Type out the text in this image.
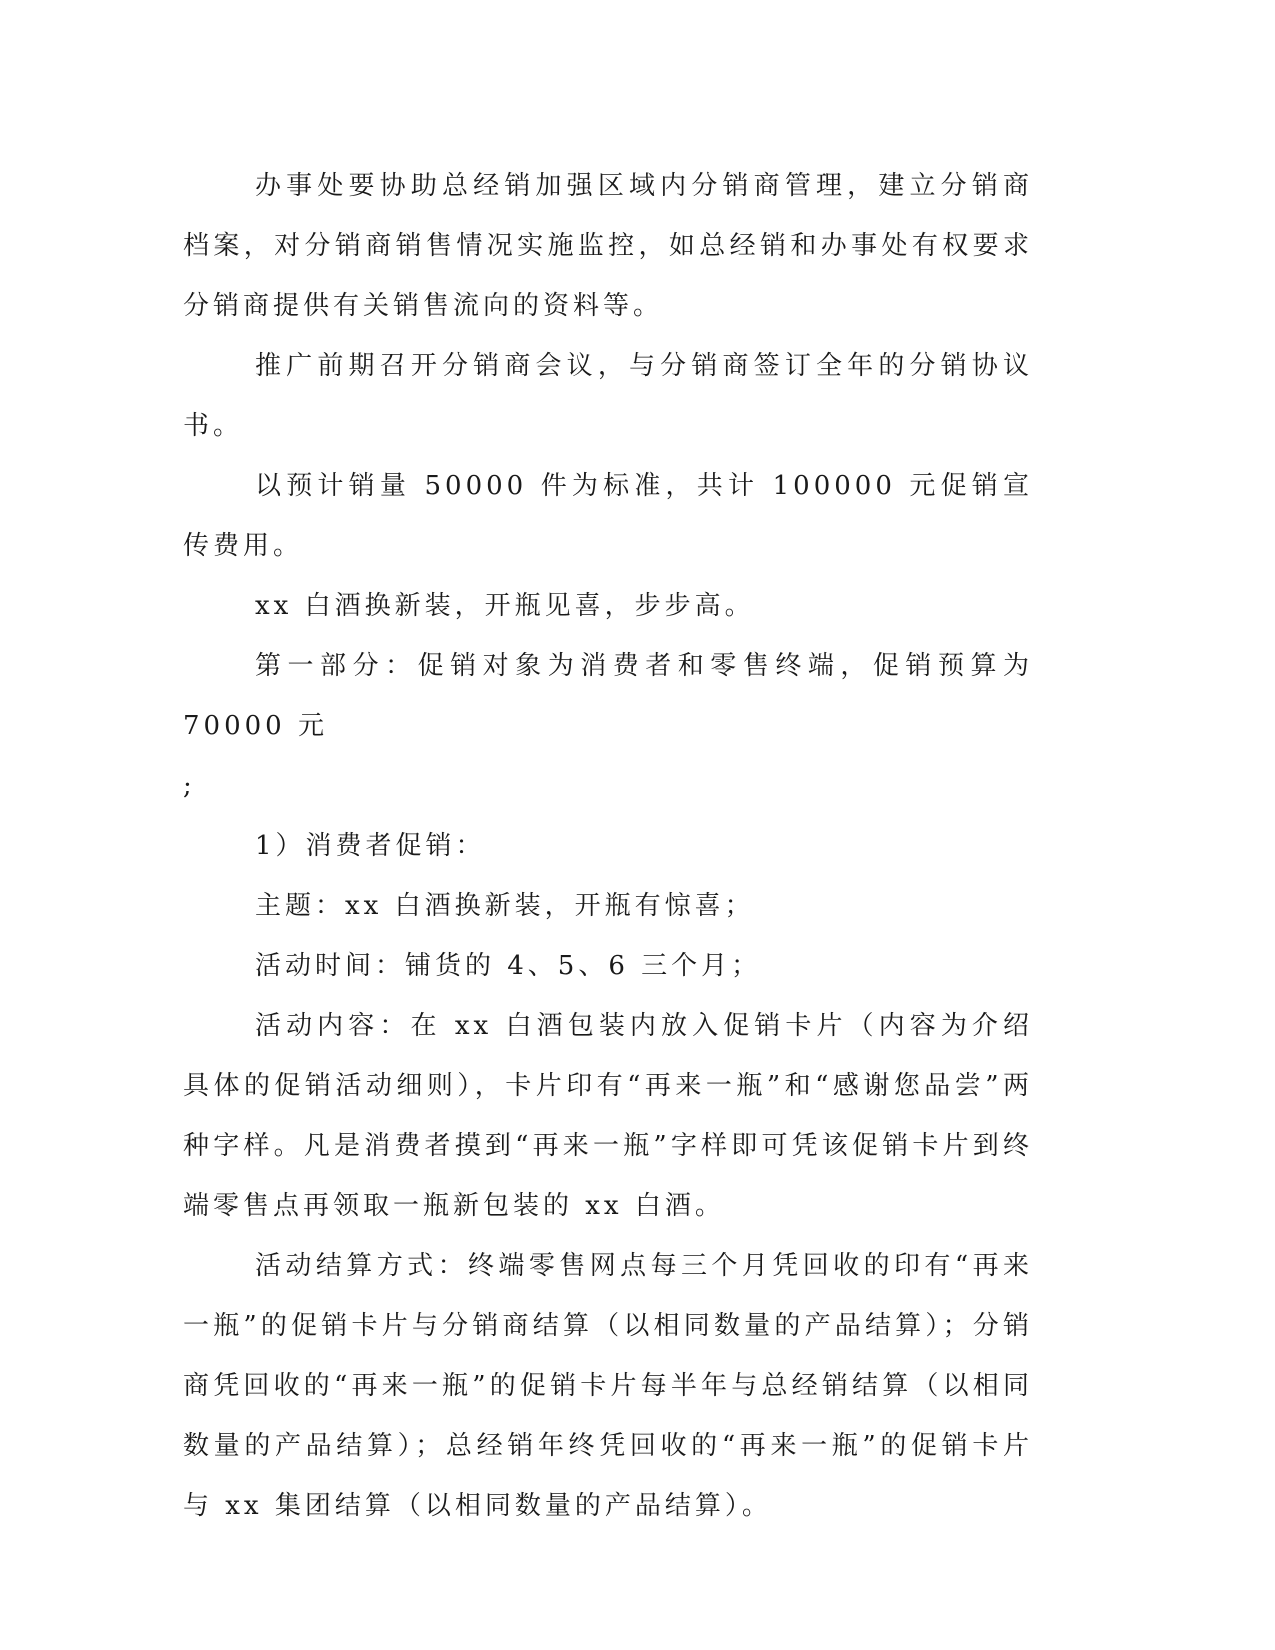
办事处要协助总经销加强区域内分销商管理，建立分销商档案，对分销商销售情况实施监控，如总经销和办事处有权要求分销商提供有关销售流向的资料等。

推广前期召开分销商会议，与分销商签订全年的分销协议书。

以预计销量 50000 件为标准，共计 100000 元促销宣传费用。

xx 白酒换新装，开瓶见喜，步步高。

第一部分：促销对象为消费者和零售终端，促销预算为 70000 元

;

1）消费者促销：

主题：xx 白酒换新装，开瓶有惊喜；

活动时间：铺货的 4、5、6 三个月；

活动内容：在 xx 白酒包装内放入促销卡片（内容为介绍具体的促销活动细则），卡片印有“再来一瓶”和“感谢您品尝”两种字样。凡是消费者摸到“再来一瓶”字样即可凭该促销卡片到终端零售点再领取一瓶新包装的 xx 白酒。

活动结算方式：终端零售网点每三个月凭回收的印有“再来一瓶”的促销卡片与分销商结算（以相同数量的产品结算）；分销商凭回收的“再来一瓶”的促销卡片每半年与总经销结算（以相同数量的产品结算）；总经销年终凭回收的“再来一瓶”的促销卡片与 xx 集团结算（以相同数量的产品结算）。
